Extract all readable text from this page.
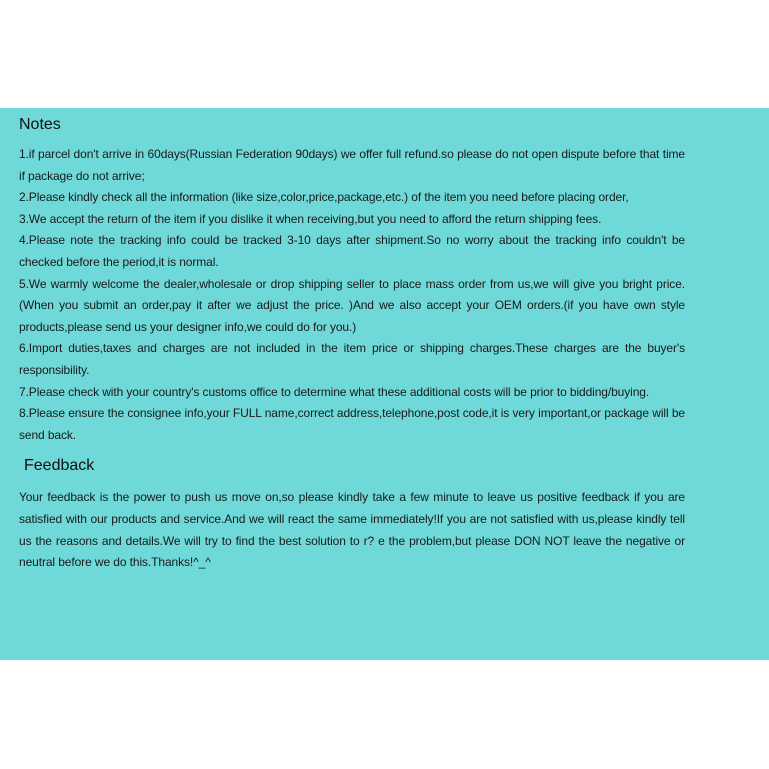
Notes
1.if parcel don't arrive in 60days(Russian Federation 90days) we offer full refund.so please do not open dispute before that time if package do not arrive;
2.Please kindly check all the information (like size,color,price,package,etc.) of the item you need before placing order,
3.We accept the return of the item if you dislike it when receiving,but you need to afford the return shipping fees.
4.Please note the tracking info could be tracked 3-10 days after shipment.So no worry about the tracking info couldn't be checked before the period,it is normal.
5.We warmly welcome the dealer,wholesale or drop shipping seller to place mass order from us,we will give you bright price.(When you submit an order,pay it after we adjust the price. )And we also accept your OEM orders.(if you have own style products,please send us your designer info,we could do for you.)
6.Import duties,taxes and charges are not included in the item price or shipping charges.These charges are the buyer's responsibility.
7.Please check with your country's customs office to determine what these additional costs will be prior to bidding/buying.
8.Please ensure the consignee info,your FULL name,correct address,telephone,post code,it is very important,or package will be send back.
Feedback

Your feedback is the power to push us move on,so please kindly take a few minute to leave us positive feedback if you are satisfied with our products and service.And we will react the same immediately!If you are not satisfied with us,please kindly tell us the reasons and details.We will try to find the best solution to r? e the problem,but please DON NOT leave the negative or neutral before we do this.Thanks!^_^
